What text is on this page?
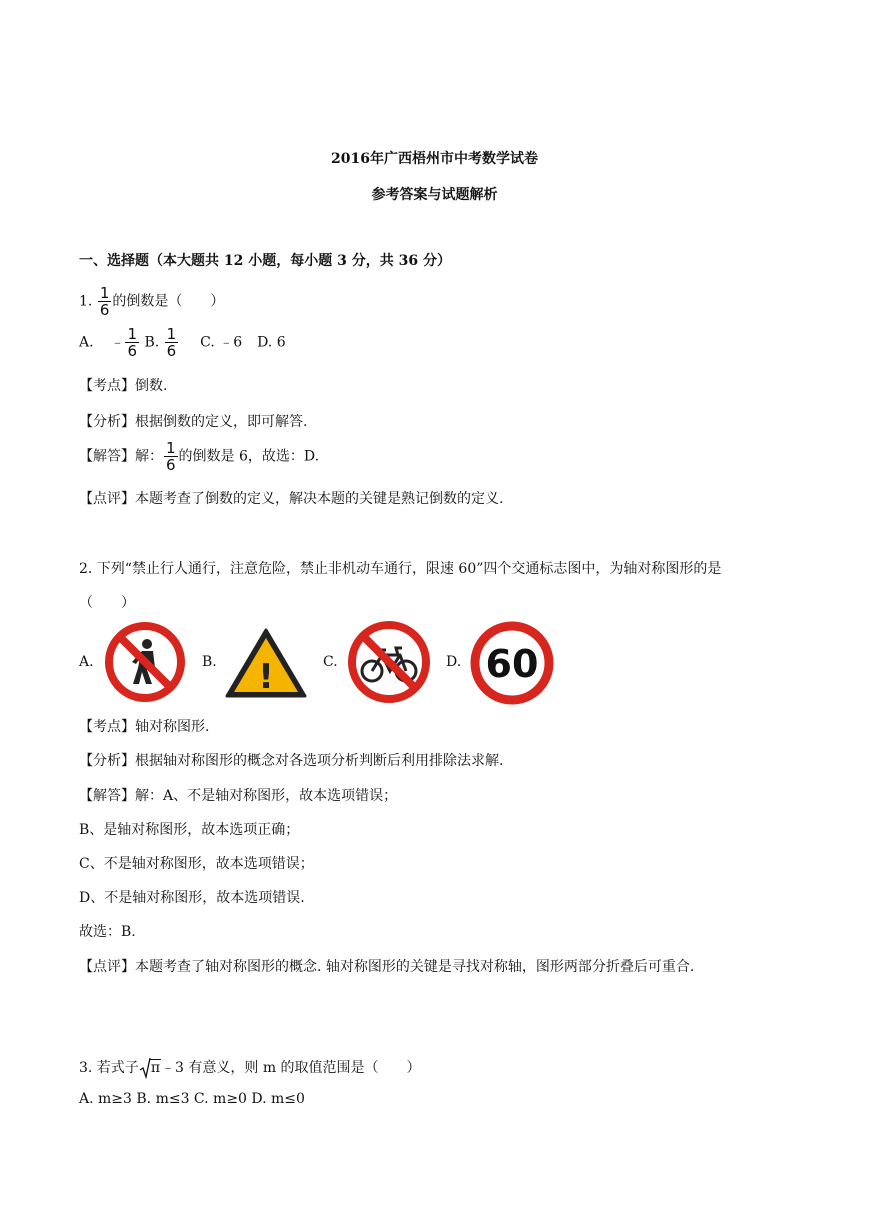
2016年广西梧州市中考数学试卷
参考答案与试题解析
一、选择题（本大题共 12 小题，每小题 3 分，共 36 分）
1. $\frac{1}{6}$ 的倒数是（　　）
A. ﹣ $\frac{1}{6} B$. $\frac{1}{6} C$. ﹣6 D. 6
【考点】倒数.
【分析】根据倒数的定义，即可解答.
【解答】解： $\frac{1}{6}$ 的倒数是 6，故选：D.
【点评】本题考查了倒数的定义，解决本题的关键是熟记倒数的定义.
2. 下列“禁止行人通行，注意危险，禁止非机动车通行，限速 60”四个交通标志图中，为轴对称图形的是
（　　）
A.	B.	C.	D.
!	60
【考点】轴对称图形.
【分析】根据轴对称图形的概念对各选项分析判断后利用排除法求解.
【解答】解：A、不是轴对称图形，故本选项错误；
B、是轴对称图形，故本选项正确；
C、不是轴对称图形，故本选项错误；
D、不是轴对称图形，故本选项错误.
故选：B.
【点评】本题考查了轴对称图形的概念. 轴对称图形的关键是寻找对称轴，图形两部分折叠后可重合.
3. 若式子 π﹣3 有意义，则 m 的取值范围是（　　）
A. m≥3 B. m≤3 C. m≥0 D. m≤0
